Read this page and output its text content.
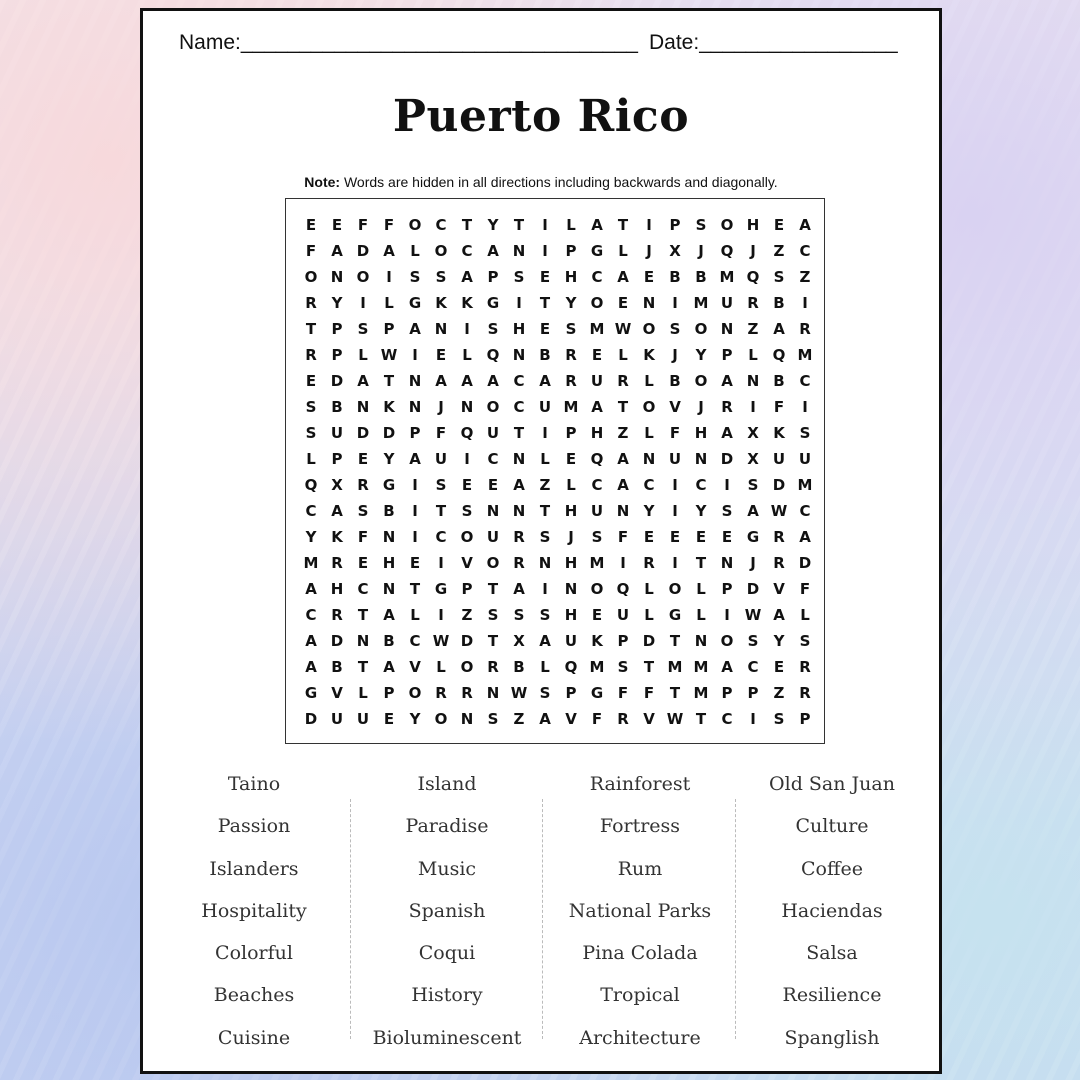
Name:__________________________________ Date:_________________
Puerto Rico
Note: Words are hidden in all directions including backwards and diagonally.
E	E	F	F O C	T	Y	T	I	L	A	T	I	P	S O H E	A
F	A D A	L O C A N	I	P G	L	J	X	J	Q	J	Z	C
O N O	I	S	S A P	S	E H C A	E	B B M Q S	Z
R Y	I	L	G K K G	I	T	Y O E N	I	M U R B	I
T	P	S	P A N	I	S H E	S M W O S O N Z A R
R P	L W I	E	L Q N B R	E	L	K	J	Y	P	L Q M
E D A	T N A A A C A R U R	L	B O A N B C
S B N K N	J	N O C U M A	T O V	J	R	I	F	I
S U D D P	F Q U T	I	P H Z	L	F H A X K S
L	P	E	Y A U	I	C N L	E Q A N U N D X U U
Q X R G	I	S	E	E	A Z	L	C A C	I	C	I	S D M
C A S B	I	T	S N N T H U N Y	I	Y	S A W C
Y K	F N	I	C O U R S	J	S	F	E	E	E	E G R A
M R	E H E	I	V O R N H M	I	R	I	T N	J	R D
A H C N T G P	T	A	I	N O Q L O L	P D V	F
C R	T	A	L	I	Z	S	S	S H E U	L	G	L	I W A	L
A D N B C W D T	X A U K P D T N O S	Y	S
A B	T	A V	L O R B	L Q M S	T M M A C	E	R
G V	L	P O R R N W S	P G F	F	T M P	P	Z R
D U U E	Y O N S	Z A V	F	R V W T	C	I	S	P
Taino
Passion
Islanders
Hospitality
Colorful
Beaches
Cuisine
Island
Paradise
Music
Spanish
Coqui
History
Bioluminescent
Rainforest
Fortress
Rum
National Parks
Pina Colada
Tropical
Architecture
Old San Juan
Culture
Coffee
Haciendas
Salsa
Resilience
Spanglish
